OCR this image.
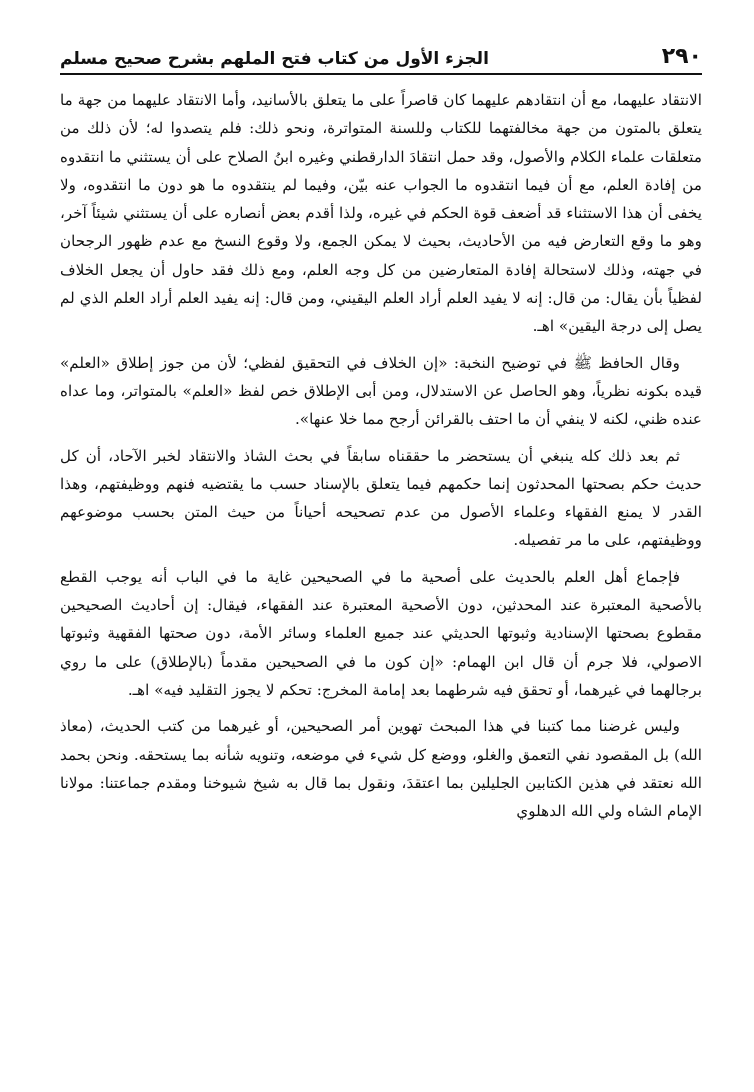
٢٩٠
الجزء الأول من كتاب فتح الملهم بشرح صحيح مسلم

الانتقاد عليهما، مع أن انتقادهم عليهما كان قاصراً على ما يتعلق بالأسانيد، وأما الانتقاد عليهما من جهة ما يتعلق بالمتون من جهة مخالفتهما للكتاب وللسنة المتواترة، ونحو ذلك: فلم يتصدوا له؛ لأن ذلك من متعلقات علماء الكلام والأصول، وقد حمل انتقادَ الدارقطني وغيره ابنُ الصلاح على أن يستثني ما انتقدوه من إفادة العلم، مع أن فيما انتقدوه ما الجواب عنه بيّن، وفيما لم ينتقدوه ما هو دون ما انتقدوه، ولا يخفى أن هذا الاستثناء قد أضعف قوة الحكم في غيره، ولذا أقدم بعض أنصاره على أن يستثني شيئاً آخر، وهو ما وقع التعارض فيه من الأحاديث، بحيث لا يمكن الجمع، ولا وقوع النسخ مع عدم ظهور الرجحان في جهته، وذلك لاستحالة إفادة المتعارضين من كل وجه العلم، ومع ذلك فقد حاول أن يجعل الخلاف لفظياً بأن يقال: من قال: إنه لا يفيد العلم أراد العلم اليقيني، ومن قال: إنه يفيد العلم أراد العلم الذي لم يصل إلى درجة اليقين» اهـ.

وقال الحافظ ﷺ في توضيح النخبة: «إن الخلاف في التحقيق لفظي؛ لأن من جوز إطلاق «العلم» قيده بكونه نظرياً، وهو الحاصل عن الاستدلال، ومن أبى الإطلاق خص لفظ «العلم» بالمتواتر، وما عداه عنده ظني، لكنه لا ينفي أن ما احتف بالقرائن أرجح مما خلا عنها».

ثم بعد ذلك كله ينبغي أن يستحضر ما حققناه سابقاً في بحث الشاذ والانتقاد لخبر الآحاد، أن كل حديث حكم بصحتها المحدثون إنما حكمهم فيما يتعلق بالإسناد حسب ما يقتضيه فنهم ووظيفتهم، وهذا القدر لا يمنع الفقهاء وعلماء الأصول من عدم تصحيحه أحياناً من حيث المتن بحسب موضوعهم ووظيفتهم، على ما مر تفصيله.

فإجماع أهل العلم بالحديث على أصحية ما في الصحيحين غاية ما في الباب أنه يوجب القطع بالأصحية المعتبرة عند المحدثين، دون الأصحية المعتبرة عند الفقهاء، فيقال: إن أحاديث الصحيحين مقطوع بصحتها الإسنادية وثبوتها الحديثي عند جميع العلماء وسائر الأمة، دون صحتها الفقهية وثبوتها الاصولي، فلا جرم أن قال ابن الهمام: «إن كون ما في الصحيحين مقدماً (بالإطلاق) على ما روي برجالهما في غيرهما، أو تحقق فيه شرطهما بعد إمامة المخرج: تحكم لا يجوز التقليد فيه» اهـ.

وليس غرضنا مما كتبنا في هذا المبحث تهوين أمر الصحيحين، أو غيرهما من كتب الحديث، (معاذ الله) بل المقصود نفي التعمق والغلو، ووضع كل شيء في موضعه، وتنويه شأنه بما يستحقه. ونحن بحمد الله نعتقد في هذين الكتابين الجليلين بما اعتقدَ، ونقول بما قال به شيخ شيوخنا ومقدم جماعتنا: مولانا الإمام الشاه ولي الله الدهلوي
